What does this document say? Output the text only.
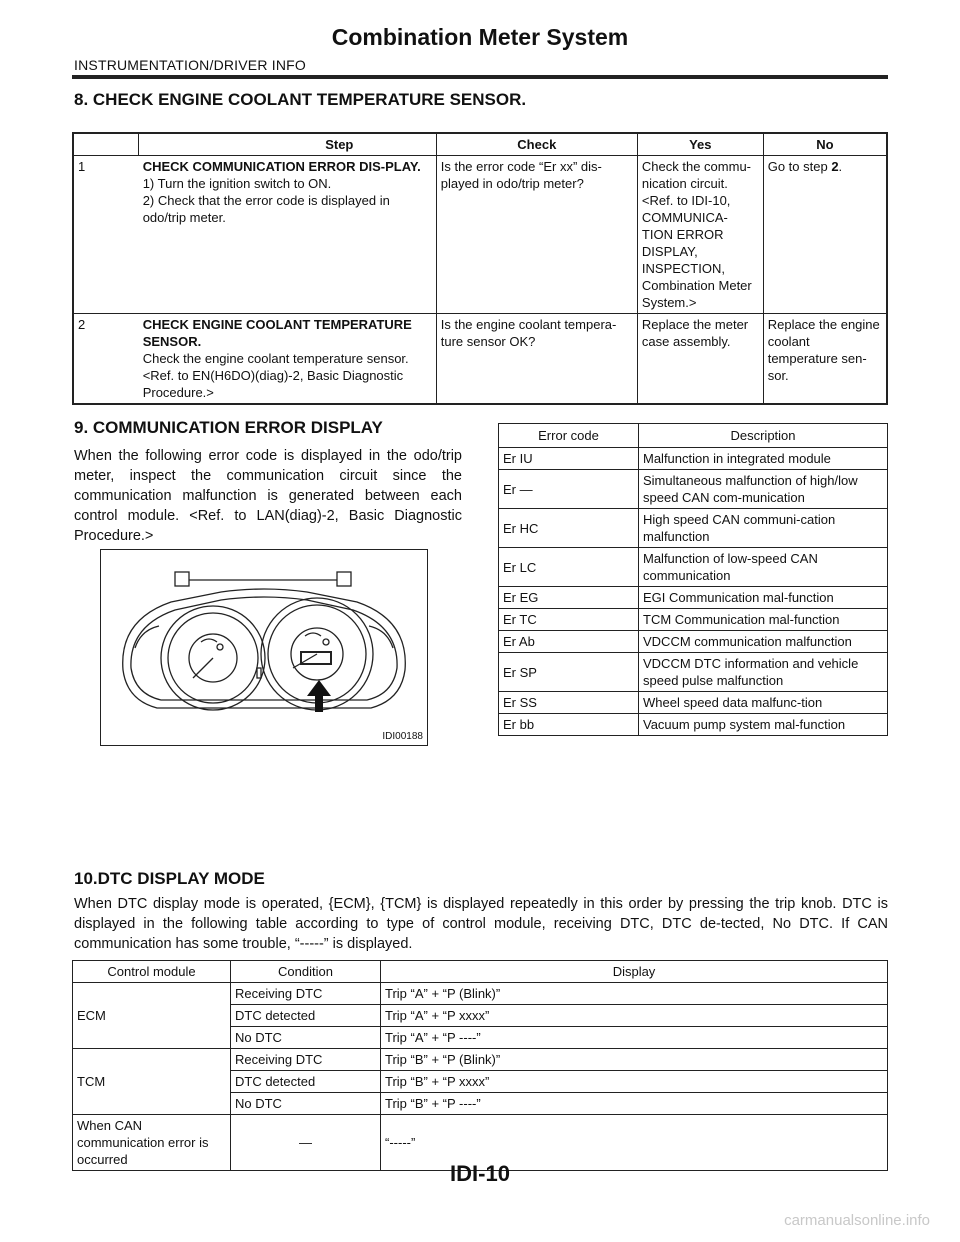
Combination Meter System
INSTRUMENTATION/DRIVER INFO
8. CHECK ENGINE COOLANT TEMPERATURE SENSOR.
	Step	Check	Yes	No
1	CHECK COMMUNICATION ERROR DIS-PLAY.
1) Turn the ignition switch to ON.
2) Check that the error code is displayed in odo/trip meter.	Is the error code “Er xx” dis-played in odo/trip meter?	Check the commu-nication circuit. <Ref. to IDI-10, COMMUNICA-TION ERROR DISPLAY, INSPECTION, Combination Meter System.>	Go to step 2.
2	CHECK ENGINE COOLANT TEMPERATURE SENSOR.
Check the engine coolant temperature sensor. <Ref. to EN(H6DO)(diag)-2, Basic Diagnostic Procedure.>	Is the engine coolant tempera-ture sensor OK?	Replace the meter case assembly.	Replace the engine coolant temperature sen-sor.
9. COMMUNICATION ERROR DISPLAY
When the following error code is displayed in the odo/trip meter, inspect the communication circuit since the communication malfunction is generated between each control module. <Ref. to LAN(diag)-2, Basic Diagnostic Procedure.>
IDI00188
Error code	Description
Er IU	Malfunction in integrated module
Er —	Simultaneous malfunction of high/low speed CAN com-munication
Er HC	High speed CAN communi-cation malfunction
Er LC	Malfunction of low-speed CAN communication
Er EG	EGI Communication mal-function
Er TC	TCM Communication mal-function
Er Ab	VDCCM communication malfunction
Er SP	VDCCM DTC information and vehicle speed pulse malfunction
Er SS	Wheel speed data malfunc-tion
Er bb	Vacuum pump system mal-function
10.DTC DISPLAY MODE
When DTC display mode is operated, {ECM}, {TCM} is displayed repeatedly in this order by pressing the trip knob. DTC is displayed in the following table according to type of control module, receiving DTC, DTC de-tected, No DTC. If CAN communication has some trouble, “-----” is displayed.
Control module	Condition	Display
ECM	Receiving DTC	Trip “A” + “P (Blink)”
	DTC detected	Trip “A” + “P xxxx”
	No DTC	Trip “A” + “P ----”
TCM	Receiving DTC	Trip “B” + “P (Blink)”
	DTC detected	Trip “B” + “P xxxx”
	No DTC	Trip “B” + “P ----”
When CAN communication error is occurred	—	“-----”
IDI-10
carmanualsonline.info
